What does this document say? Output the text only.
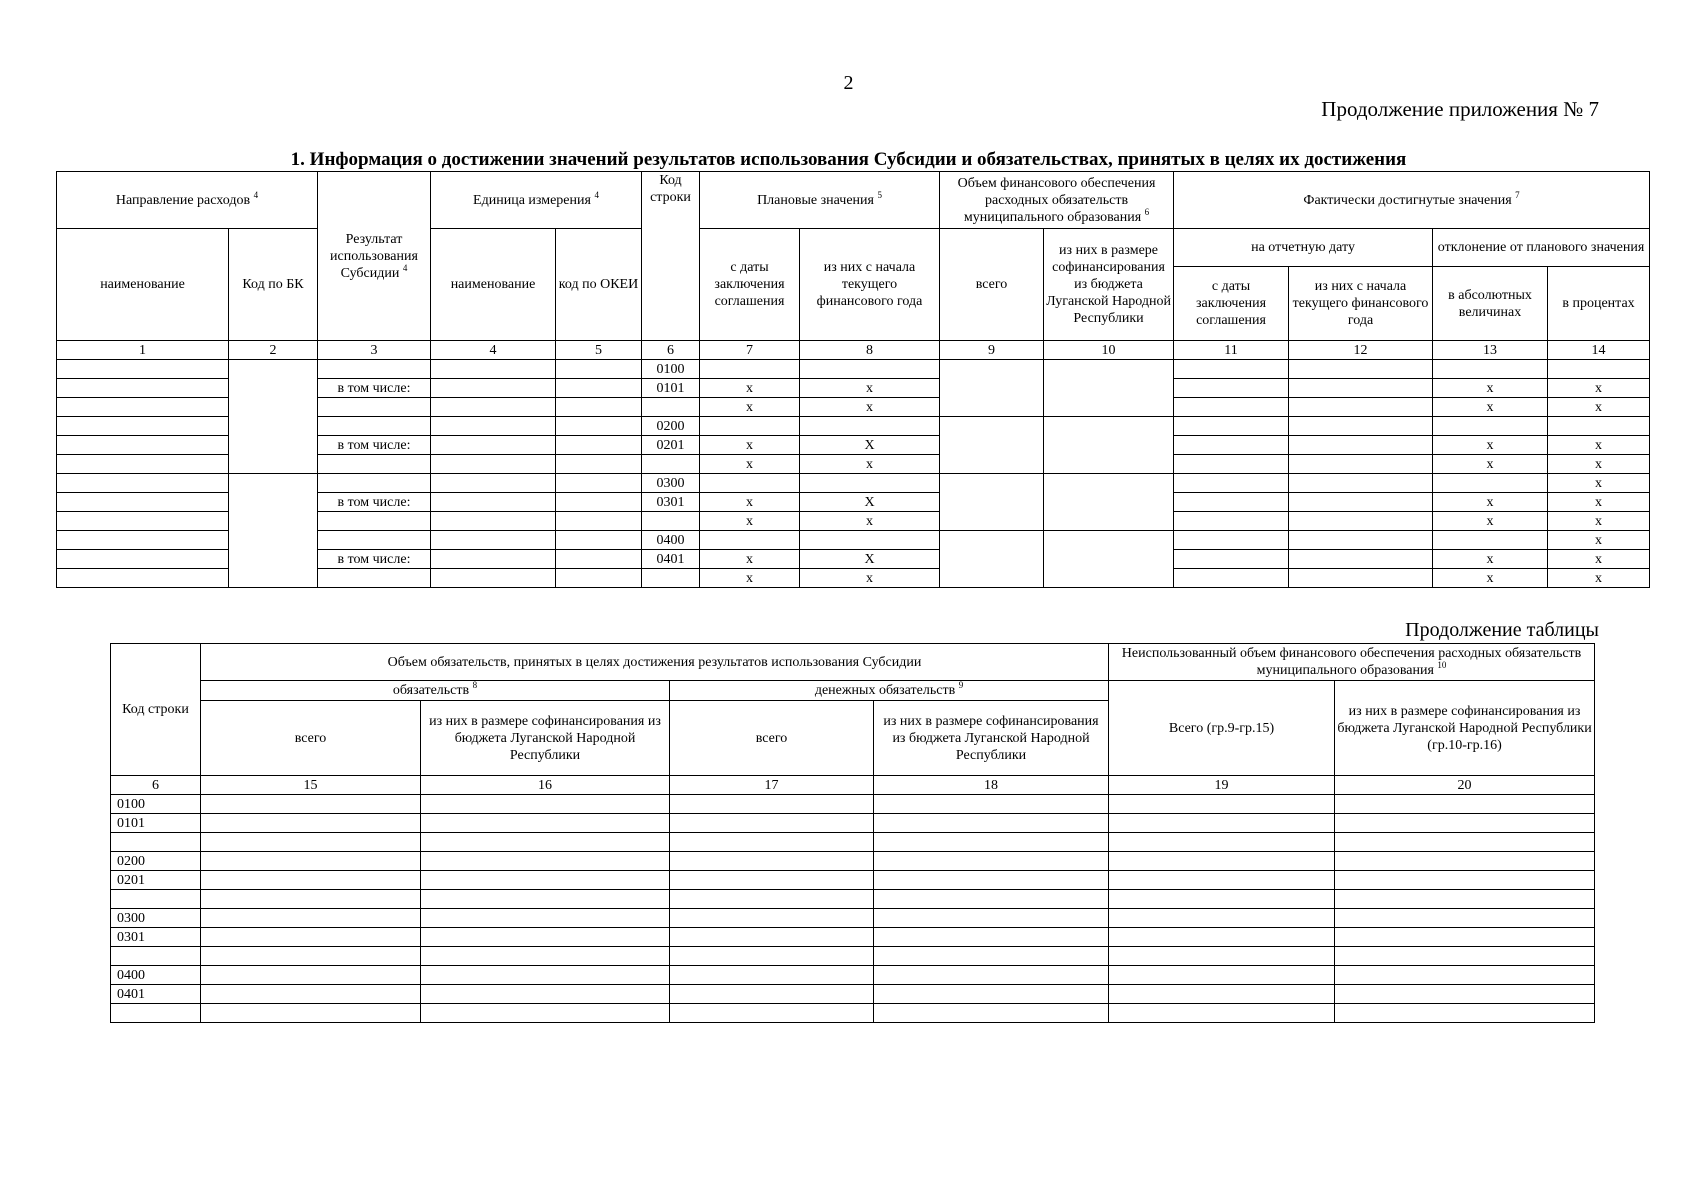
2
Продолжение приложения № 7
1. Информация о достижении значений результатов использования Субсидии и обязательствах, принятых в целях их достижения
Направление расходов $^4$		Результат использования Субсидии $^4$	Единица измерения $^4$		Код строки	Плановые значения $^5$		Объем финансового обеспечения расходных обязательств муниципального образования $^6$		Фактически достигнутые значения $^7$
наименование	Код по БК		наименование	код по ОКЕИ		с даты заключения соглашения	из них с начала текущего финансового года	всего	из них в размере софинансирования из бюджета Луганской Народной Республики	на отчетную дату		отклонение от планового значения	
										с даты заключения соглашения	из них с начала текущего финансового года	в абсолютных величинах	в процентах
1	2	3	4	5	6	7	8	9	10	11	12	13	14
					0100								
		в том числе:			0101	x	x					x	x
						x	x					x	x
					0200								
		в том числе:			0201	x	X					x	x
						x	x					x	x
					0300								x
		в том числе:			0301	x	X					x	x
						x	x					x	x
					0400								x
		в том числе:			0401	x	X					x	x
						x	x					x	x
Продолжение таблицы
Код строки	Объем обязательств, принятых в целях достижения результатов использования Субсидии				Неиспользованный объем финансового обеспечения расходных обязательств муниципального образования $^{10}$
	обязательств $^8$		денежных обязательств $^9$		Всего (гр.9-гр.15)	из них в размере софинансирования из бюджета Луганской Народной Республики (гр.10-гр.16)
	всего	из них в размере софинансирования из бюджета Луганской Народной Республики	всего	из них в размере софинансирования из бюджета Луганской Народной Республики		
6	15	16	17	18	19	20
0100						
0101						

0200						
0201						

0300						
0301						

0400						
0401						
